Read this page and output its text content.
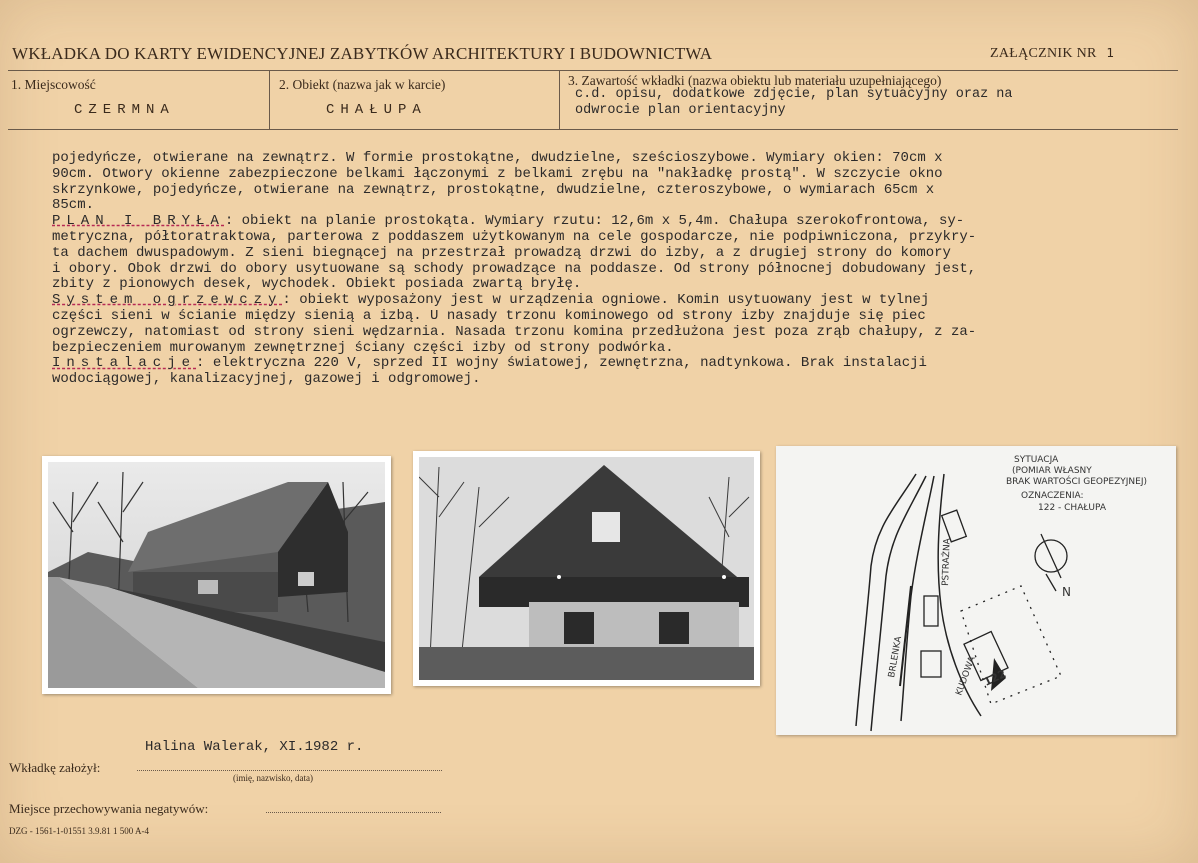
WKŁADKA DO KARTY EWIDENCYJNEJ ZABYTKÓW ARCHITEKTURY I BUDOWNICTWA	ZAŁĄCZNIK NR 1
1. Miejscowość
CZERMNA
2. Obiekt (nazwa jak w karcie)
CHAŁUPA
3. Zawartość wkładki (nazwa obiektu lub materiału uzupełniającego)
c.d. opisu, dodatkowe zdjęcie, plan sytuacyjny oraz na
odwrocie plan orientacyjny
pojedyńcze, otwierane na zewnątrz. W formie prostokątne, dwudzielne, sześcioszybowe. Wymiary okien: 70cm x
90cm. Otwory okienne zabezpieczone belkami łączonymi z belkami zrębu na "nakładkę prostą". W szczycie okno
skrzynkowe, pojedyńcze, otwierane na zewnątrz, prostokątne, dwudzielne, czteroszybowe, o wymiarach 65cm x
85cm.
PLAN I BRYŁA: obiekt na planie prostokąta. Wymiary rzutu: 12,6m x 5,4m. Chałupa szerokofrontowa, sy-
metryczna, półtoratraktowa, parterowa z poddaszem użytkowanym na cele gospodarcze, nie podpiwniczona, przykry-
ta dachem dwuspadowym. Z sieni biegnącej na przestrzał prowadzą drzwi do izby, a z drugiej strony do komory
i obory. Obok drzwi do obory usytuowane są schody prowadzące na poddasze. Od strony północnej dobudowany jest,
zbity z pionowych desek, wychodek. Obiekt posiada zwartą bryłę.
System ogrzewczy: obiekt wyposażony jest w urządzenia ogniowe. Komin usytuowany jest w tylnej
części sieni w ścianie między sienią a izbą. U nasady trzonu kominowego od strony izby znajduje się piec
ogrzewczy, natomiast od strony sieni wędzarnia. Nasada trzonu komina przedłużona jest poza zrąb chałupy, z za-
bezpieczeniem murowanym zewnętrznej ściany części izby od strony podwórka.
Instalacje: elektryczna 220 V, sprzed II wojny światowej, zewnętrzna, nadtynkowa. Brak instalacji
wodociągowej, kanalizacyjnej, gazowej i odgromowej.
SYTUACJA
(POMIAR WŁASNY
BRAK WARTOŚCI GEOPEZYJNEJ)
OZNACZENIA:
122 - CHAŁUPA
N
BRLENKA
PSTRAŻNA
KUDOWA 122
Halina Walerak, XI.1982 r.
Wkładkę założył:
(imię, nazwisko, data)
Miejsce przechowywania negatywów:
DZG - 1561-1-01551 3.9.81 1 500 A-4
